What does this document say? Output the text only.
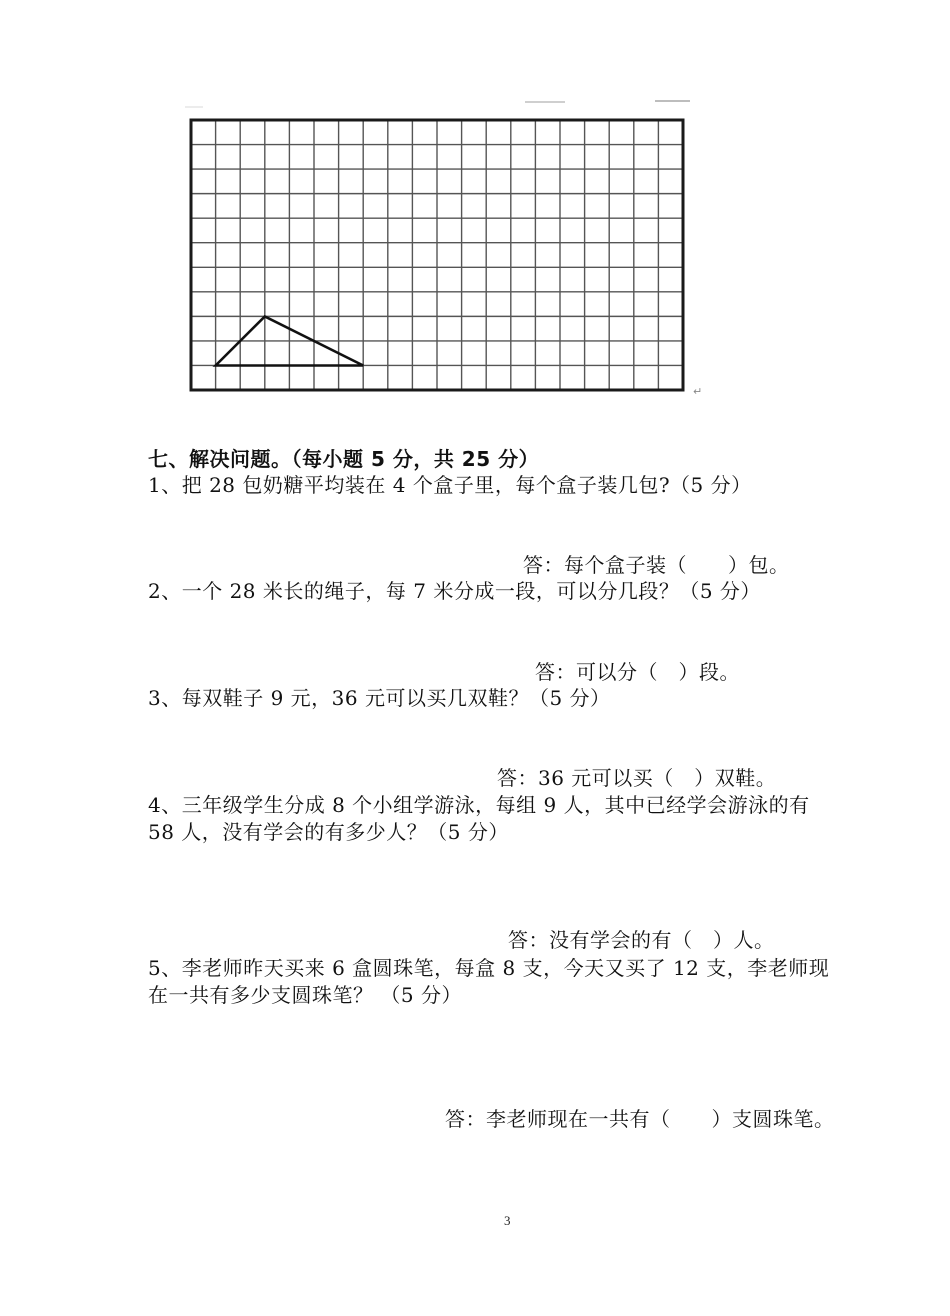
↵
七、解决问题。（每小题 5 分，共 25 分）
1、把 28 包奶糖平均装在 4 个盒子里，每个盒子装几包?（5 分）
答：每个盒子装（　　）包。
2、一个 28 米长的绳子，每 7 米分成一段，可以分几段？（5 分）
答：可以分（　）段。
3、每双鞋子 9 元，36 元可以买几双鞋？（5 分）
答：36 元可以买（　）双鞋。
4、三年级学生分成 8 个小组学游泳，每组 9 人，其中已经学会游泳的有
58 人，没有学会的有多少人？（5 分）
答：没有学会的有（　）人。
5、李老师昨天买来 6 盒圆珠笔，每盒 8 支，今天又买了 12 支，李老师现
在一共有多少支圆珠笔？ （5 分）
答：李老师现在一共有（　　）支圆珠笔。
3
